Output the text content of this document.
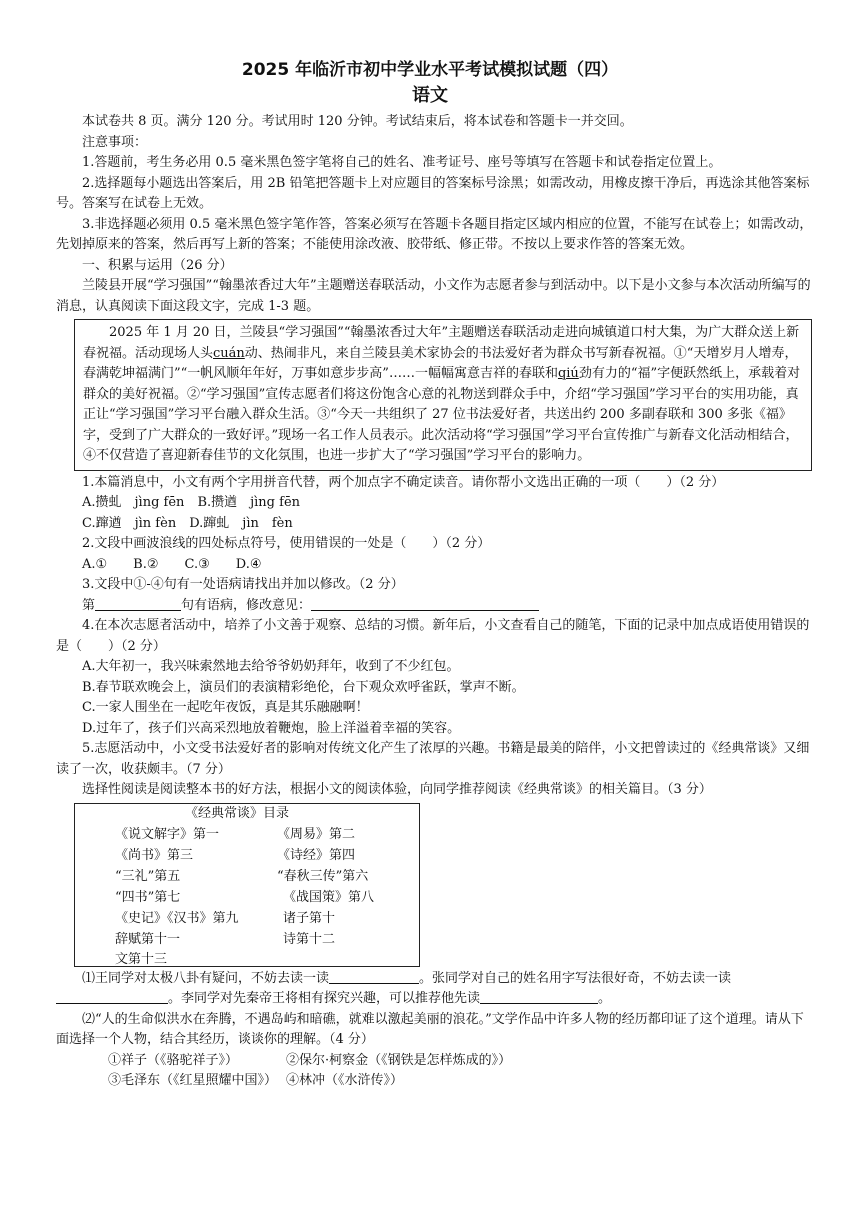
2025 年临沂市初中学业水平考试模拟试题（四）
语文

本试卷共 8 页。满分 120 分。考试用时 120 分钟。考试结束后，将本试卷和答题卡一并交回。

注意事项：

1.答题前，考生务必用 0.5 毫米黑色签字笔将自己的姓名、准考证号、座号等填写在答题卡和试卷指定位置上。

2.选择题每小题选出答案后，用 2B 铅笔把答题卡上对应题目的答案标号涂黑；如需改动，用橡皮擦干净后，再选涂其他答案标号。答案写在试卷上无效。

3.非选择题必须用 0.5 毫米黑色签字笔作答，答案必须写在答题卡各题目指定区域内相应的位置，不能写在试卷上；如需改动，先划掉原来的答案，然后再写上新的答案；不能使用涂改液、胶带纸、修正带。不按以上要求作答的答案无效。

一、积累与运用（26 分）

兰陵县开展“学习强国”“翰墨浓香过大年”主题赠送春联活动，小文作为志愿者参与到活动中。以下是小文参与本次活动所编写的消息，认真阅读下面这段文字，完成 1-3 题。

2025 年 1 月 20 日，兰陵县“学习强国”“翰墨浓香过大年”主题赠送春联活动走进向城镇道口村大集，为广大群众送上新春祝福。活动现场人头cuán动、热闹非凡，来自兰陵县美术家协会的书法爱好者为群众书写新春祝福。①“天增岁月人增寿，春满乾坤福满门”“一帆风顺年年好，万事如意步步高”……一幅幅寓意吉祥的春联和qiú劲有力的“福”字便跃然纸上，承载着对群众的美好祝福。②“学习强国”宣传志愿者们将这份饱含心意的礼物送到群众手中，介绍“学习强国”学习平台的实用功能，真正让“学习强国”学习平台融入群众生活。③“今天一共组织了 27 位书法爱好者，共送出约 200 多副春联和 300 多张《福》字，受到了广大群众的一致好评。”现场一名工作人员表示。此次活动将“学习强国”学习平台宣传推广与新春文化活动相结合，④不仅营造了喜迎新春佳节的文化氛围，也进一步扩大了“学习强国”学习平台的影响力。

1.本篇消息中，小文有两个字用拼音代替，两个加点字不确定读音。请你帮小文选出正确的一项（　　）（2 分）

A.攒虬　jìng fēn　 B.攒遒　jìng fēn

C.蹿遒　jìn fèn　 D.蹿虬　jìn　fèn

2.文段中画波浪线的四处标点符号，使用错误的一处是（　　）（2 分）

A.①　　B.②　　C.③　　D.④

3.文段中①-④句有一处语病请找出并加以修改。（2 分）

第	句有语病，修改意见：

4.在本次志愿者活动中，培养了小文善于观察、总结的习惯。新年后，小文查看自己的随笔，下面的记录中加点成语使用错误的是（　　）（2 分）

A.大年初一，我兴味索然地去给爷爷奶奶拜年，收到了不少红包。

B.春节联欢晚会上，演员们的表演精彩绝伦，台下观众欢呼雀跃，掌声不断。

C.一家人围坐在一起吃年夜饭，真是其乐融融啊！

D.过年了，孩子们兴高采烈地放着鞭炮，脸上洋溢着幸福的笑容。

5.志愿活动中，小文受书法爱好者的影响对传统文化产生了浓厚的兴趣。书籍是最美的陪伴，小文把曾读过的《经典常谈》又细读了一次，收获颇丰。（7 分）

选择性阅读是阅读整本书的好方法，根据小文的阅读体验，向同学推荐阅读《经典常谈》的相关篇目。（3 分）

《经典常谈》目录
《说文解字》第一	《周易》第二
《尚书》第三	《诗经》第四
“三礼”第五	“春秋三传”第六
“四书”第七	《战国策》第八
《史记》《汉书》第九	诸子第十
辞赋第十一	诗第十二
文第十三

⑴王同学对太极八卦有疑问，不妨去读一读	。张同学对自己的姓名用字写法很好奇，不妨去读一读。李同学对先秦帝王将相有探究兴趣，可以推荐他先读	。

⑵“人的生命似洪水在奔腾，不遇岛屿和暗礁，就难以激起美丽的浪花。”文学作品中许多人物的经历都印证了这个道理。请从下面选择一个人物，结合其经历，谈谈你的理解。（4 分）

①祥子（《骆驼祥子》）	②保尔·柯察金（《钢铁是怎样炼成的》）

③毛泽东（《红星照耀中国》） ④林冲（《水浒传》）
